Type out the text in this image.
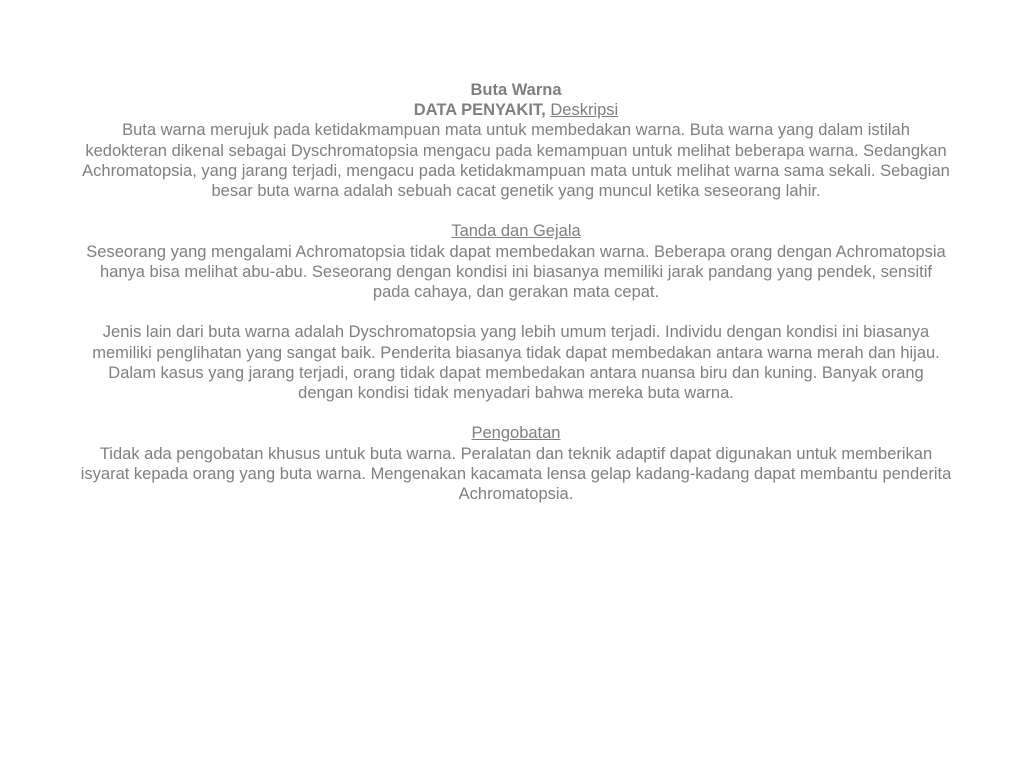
Buta Warna

DATA PENYAKIT, Deskripsi

Buta warna merujuk pada ketidakmampuan mata untuk membedakan warna. Buta warna yang dalam istilah kedokteran dikenal sebagai Dyschromatopsia mengacu pada kemampuan untuk melihat beberapa warna. Sedangkan Achromatopsia, yang jarang terjadi, mengacu pada ketidakmampuan mata untuk melihat warna sama sekali. Sebagian besar buta warna adalah sebuah cacat genetik yang muncul ketika seseorang lahir.

Tanda dan Gejala

Seseorang yang mengalami Achromatopsia tidak dapat membedakan warna. Beberapa orang dengan Achromatopsia hanya bisa melihat abu-abu. Seseorang dengan kondisi ini biasanya memiliki jarak pandang yang pendek, sensitif pada cahaya, dan gerakan mata cepat.

Jenis lain dari buta warna adalah Dyschromatopsia yang lebih umum terjadi. Individu dengan kondisi ini biasanya memiliki penglihatan yang sangat baik. Penderita biasanya tidak dapat membedakan antara warna merah dan hijau. Dalam kasus yang jarang terjadi, orang tidak dapat membedakan antara nuansa biru dan kuning. Banyak orang dengan kondisi tidak menyadari bahwa mereka buta warna.

Pengobatan

Tidak ada pengobatan khusus untuk buta warna. Peralatan dan teknik adaptif dapat digunakan untuk memberikan isyarat kepada orang yang buta warna. Mengenakan kacamata lensa gelap kadang-kadang dapat membantu penderita Achromatopsia.
